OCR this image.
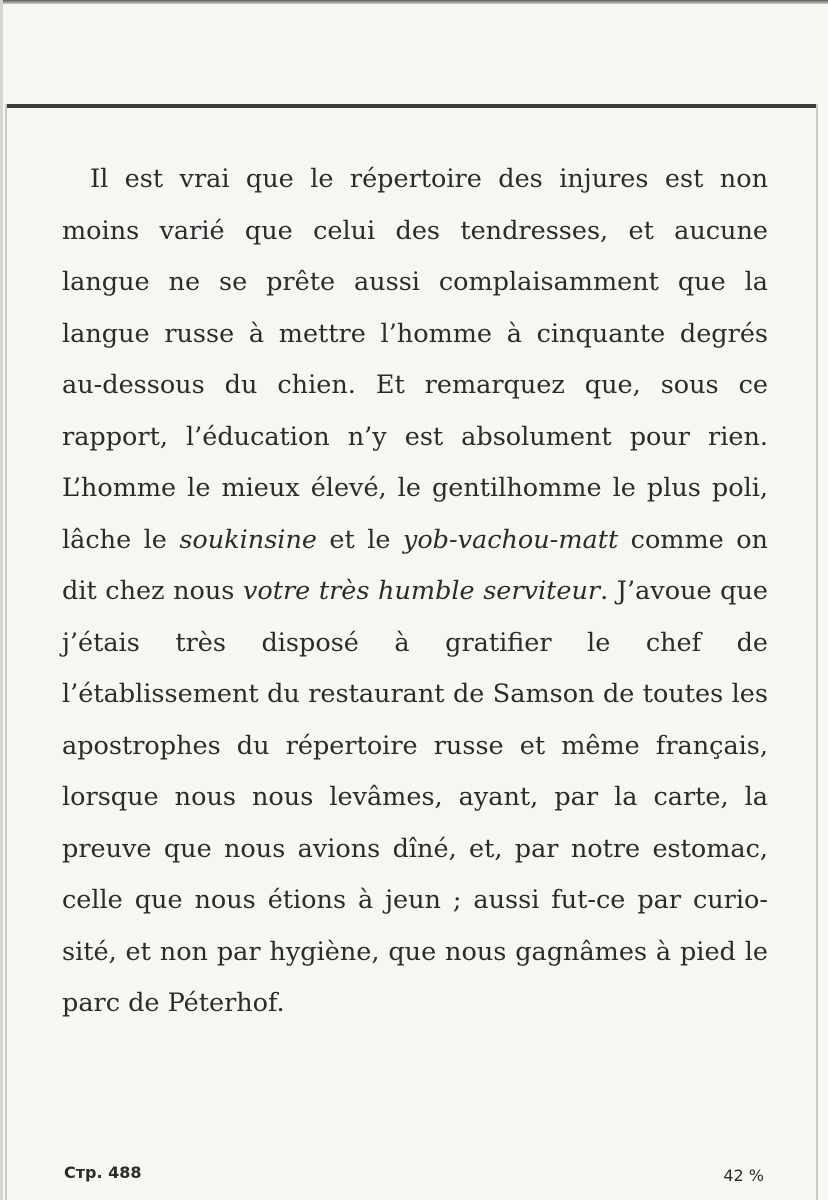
Il est vrai que le répertoire des injures est non moins varié que celui des tendresses, et aucune langue ne se prête aussi complaisamment que la langue russe à mettre l’homme à cinquante degrés au-dessous du chien. Et remarquez que, sous ce rapport, l’éducation n’y est absolument pour rien. L’homme le mieux élevé, le gentilhomme le plus poli, lâche le soukinsine et le yob-vachou-matt comme on dit chez nous votre très humble serviteur. J’avoue que j’étais très disposé à gratifier le chef de l’établissement du restaurant de Samson de toutes les apostrophes du répertoire russe et même français, lorsque nous nous levâmes, ayant, par la carte, la preuve que nous avions dîné, et, par notre estomac, celle que nous étions à jeun ; aussi fut-ce par curiosité, et non par hygiène, que nous gagnâmes à pied le parc de Péterhof.

Стр. 488	42 %
